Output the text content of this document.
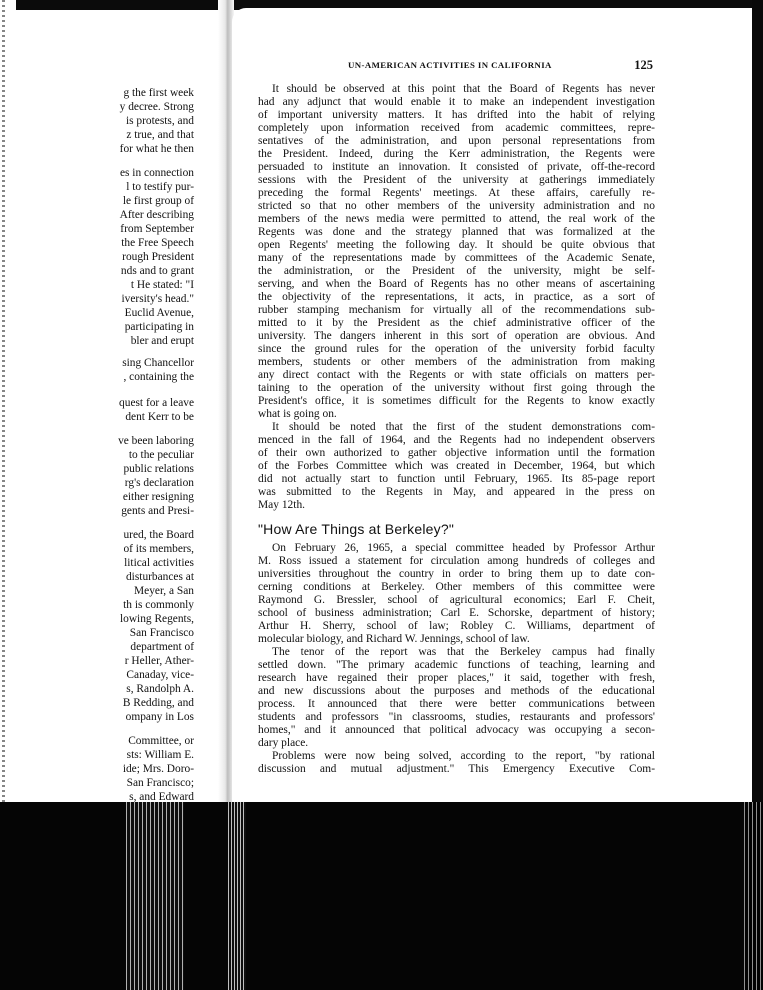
g the first week
y decree. Strong
is protests, and
z true, and that
for what he then
es in connection
l to testify pur-
le first group of
After describing
from September
the Free Speech
rough President
nds and to grant
t He stated: "I
iversity's head."
Euclid Avenue,
participating in
bler and erupt
sing Chancellor
, containing the
quest for a leave
dent Kerr to be
ve been laboring
to the peculiar
public relations
rg's declaration
either resigning
gents and Presi-
ured, the Board
of its members,
litical activities
disturbances at
Meyer, a San
th is commonly
lowing Regents,
San Francisco
department of
r Heller, Ather-
Canaday, vice-
s, Randolph A.
B Redding, and
ompany in Los
Committee, or
sts: William E.
ide; Mrs. Doro-
San Francisco;
s, and Edward
UN-AMERICAN ACTIVITIES IN CALIFORNIA	125
It should be observed at this point that the Board of Regents has never
had any adjunct that would enable it to make an independent investigation
of important university matters. It has drifted into the habit of relying
completely upon information received from academic committees, repre-
sentatives of the administration, and upon personal representations from
the President. Indeed, during the Kerr administration, the Regents were
persuaded to institute an innovation. It consisted of private, off-the-record
sessions with the President of the university at gatherings immediately
preceding the formal Regents' meetings. At these affairs, carefully re-
stricted so that no other members of the university administration and no
members of the news media were permitted to attend, the real work of the
Regents was done and the strategy planned that was formalized at the
open Regents' meeting the following day. It should be quite obvious that
many of the representations made by committees of the Academic Senate,
the administration, or the President of the university, might be self-
serving, and when the Board of Regents has no other means of ascertaining
the objectivity of the representations, it acts, in practice, as a sort of
rubber stamping mechanism for virtually all of the recommendations sub-
mitted to it by the President as the chief administrative officer of the
university. The dangers inherent in this sort of operation are obvious. And
since the ground rules for the operation of the university forbid faculty
members, students or other members of the administration from making
any direct contact with the Regents or with state officials on matters per-
taining to the operation of the university without first going through the
President's office, it is sometimes difficult for the Regents to know exactly
what is going on.
It should be noted that the first of the student demonstrations com-
menced in the fall of 1964, and the Regents had no independent observers
of their own authorized to gather objective information until the formation
of the Forbes Committee which was created in December, 1964, but which
did not actually start to function until February, 1965. Its 85-page report
was submitted to the Regents in May, and appeared in the press on
May 12th.
"How Are Things at Berkeley?"
On February 26, 1965, a special committee headed by Professor Arthur
M. Ross issued a statement for circulation among hundreds of colleges and
universities throughout the country in order to bring them up to date con-
cerning conditions at Berkeley. Other members of this committee were
Raymond G. Bressler, school of agricultural economics; Earl F. Cheit,
school of business administration; Carl E. Schorske, department of history;
Arthur H. Sherry, school of law; Robley C. Williams, department of
molecular biology, and Richard W. Jennings, school of law.
The tenor of the report was that the Berkeley campus had finally
settled down. "The primary academic functions of teaching, learning and
research have regained their proper places," it said, together with fresh,
and new discussions about the purposes and methods of the educational
process. It announced that there were better communications between
students and professors "in classrooms, studies, restaurants and professors'
homes," and it announced that political advocacy was occupying a secon-
dary place.
Problems were now being solved, according to the report, "by rational
discussion and mutual adjustment." This Emergency Executive Com-
